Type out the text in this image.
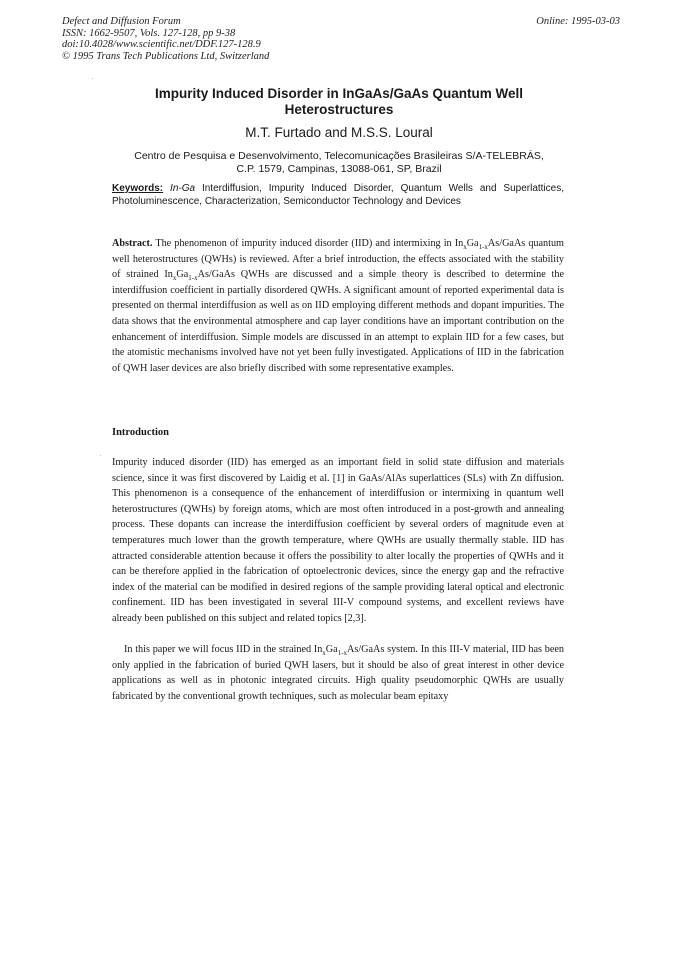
Defect and Diffusion Forum
ISSN: 1662-9507, Vols. 127-128, pp 9-38
doi:10.4028/www.scientific.net/DDF.127-128.9
© 1995 Trans Tech Publications Ltd, Switzerland
Online: 1995-03-03
Impurity Induced Disorder in InGaAs/GaAs Quantum Well
Heterostructures
M.T. Furtado and M.S.S. Loural
Centro de Pesquisa e Desenvolvimento, Telecomunicações Brasileiras S/A-TELEBRÁS,
C.P. 1579, Campinas, 13088-061, SP, Brazil
Keywords: In-Ga Interdiffusion, Impurity Induced Disorder, Quantum Wells and Superlattices, Photoluminescence, Characterization, Semiconductor Technology and Devices
Abstract. The phenomenon of impurity induced disorder (IID) and intermixing in $In_xGa_{1-x}As$/GaAs quantum well heterostructures (QWHs) is reviewed. After a brief introduction, the effects associated with the stability of strained $In_xGa_{1-x}As$/GaAs QWHs are discussed and a simple theory is described to determine the interdiffusion coefficient in partially disordered QWHs. A significant amount of reported experimental data is presented on thermal interdiffusion as well as on IID employing different methods and dopant impurities. The data shows that the environmental atmosphere and cap layer conditions have an important contribution on the enhancement of interdiffusion. Simple models are discussed in an attempt to explain IID for a few cases, but the atomistic mechanisms involved have not yet been fully investigated. Applications of IID in the fabrication of QWH laser devices are also briefly discribed with some representative examples.
Introduction
Impurity induced disorder (IID) has emerged as an important field in solid state diffusion and materials science, since it was first discovered by Laidig et al. [1] in GaAs/AlAs superlattices (SLs) with Zn diffusion. This phenomenon is a consequence of the enhancement of interdiffusion or intermixing in quantum well heterostructures (QWHs) by foreign atoms, which are most often introduced in a post-growth and annealing process. These dopants can increase the interdiffusion coefficient by several orders of magnitude even at temperatures much lower than the growth temperature, where QWHs are usually thermally stable. IID has attracted considerable attention because it offers the possibility to alter locally the properties of QWHs and it can be therefore applied in the fabrication of optoelectronic devices, since the energy gap and the refractive index of the material can be modified in desired regions of the sample providing lateral optical and electronic confinement. IID has been investigated in several III-V compound systems, and excellent reviews have already been published on this subject and related topics [2,3].
In this paper we will focus IID in the strained $In_xGa_{1-x}As$/GaAs system. In this III-V material, IID has been only applied in the fabrication of buried QWH lasers, but it should be also of great interest in other device applications as well as in photonic integrated circuits. High quality pseudomorphic QWHs are usually fabricated by the conventional growth techniques, such as molecular beam epitaxy
